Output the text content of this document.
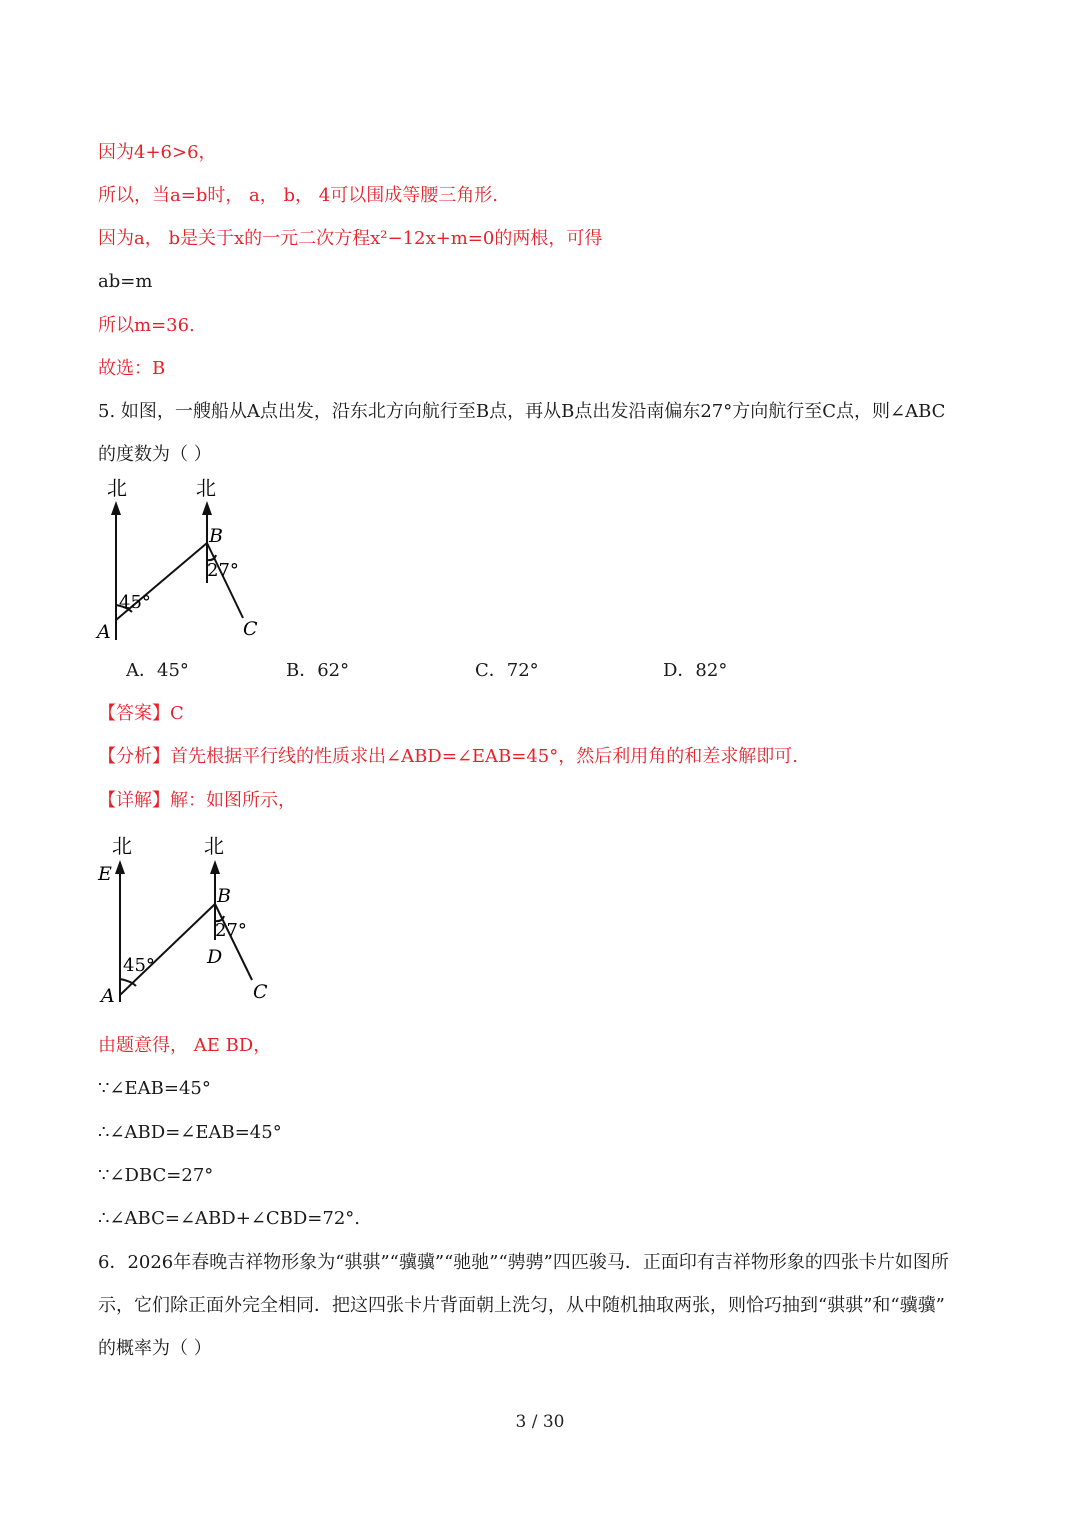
因为4+6>6，
所以，当a=b时， a， b， 4可以围成等腰三角形.
因为a， b是关于x的一元二次方程x²−12x+m=0的两根，可得
ab=m
所以m=36.
故选：B
5. 如图，一艘船从A点出发，沿东北方向航行至B点，再从B点出发沿南偏东27°方向航行至C点，则∠ABC
的度数为（ ）
北	北
A
B
C
45°
27°
A．45°	B．62°	C．72°	D．82°
【答案】C
【分析】首先根据平行线的性质求出∠ABD=∠EAB=45°，然后利用角的和差求解即可.
【详解】解：如图所示，
北	北
E
A
B
C
D
45°
27°
由题意得， AE BD，
∵∠EAB=45°
∴∠ABD=∠EAB=45°
∵∠DBC=27°
∴∠ABC=∠ABD+∠CBD=72°.
6．2026年春晚吉祥物形象为“骐骐”“骥骥”“驰驰”“骋骋”四匹骏马．正面印有吉祥物形象的四张卡片如图所
示，它们除正面外完全相同．把这四张卡片背面朝上洗匀，从中随机抽取两张，则恰巧抽到“骐骐”和“骥骥”
的概率为（ ）
3 / 30
